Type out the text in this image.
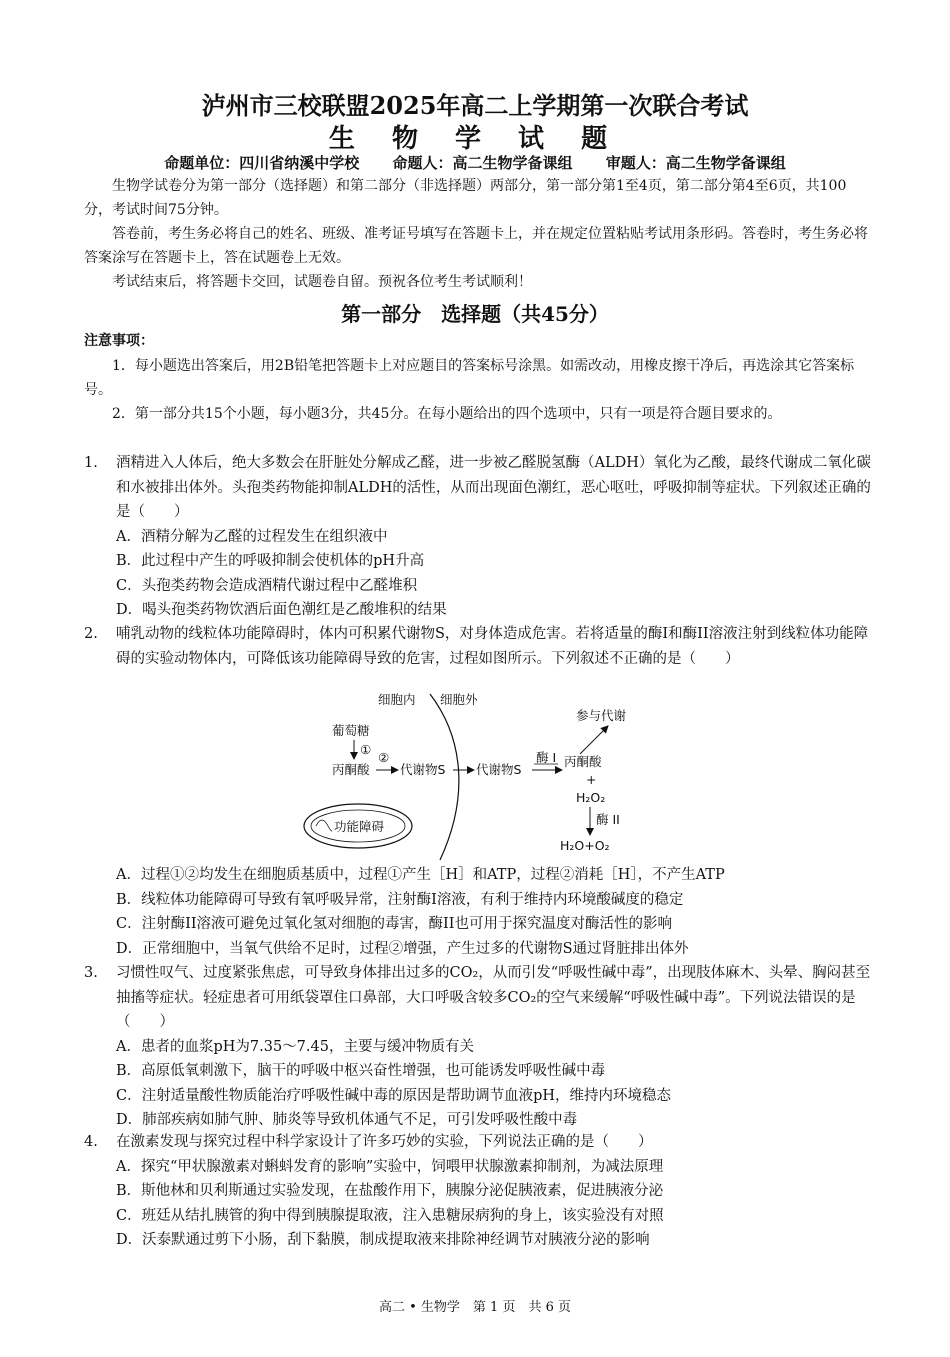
泸州市三校联盟2025年高二上学期第一次联合考试
生 物 学 试 题
命题单位：四川省纳溪中学校 命题人：高二生物学备课组 审题人：高二生物学备课组
生物学试卷分为第一部分（选择题）和第二部分（非选择题）两部分，第一部分第1至4页，第二部分第4至6页，共100分，考试时间75分钟。
答卷前，考生务必将自己的姓名、班级、准考证号填写在答题卡上，并在规定位置粘贴考试用条形码。答卷时，考生务必将答案涂写在答题卡上，答在试题卷上无效。
考试结束后，将答题卡交回，试题卷自留。预祝各位考生考试顺利！
第一部分　选择题（共45分）
注意事项：
1．每小题选出答案后，用2B铅笔把答题卡上对应题目的答案标号涂黑。如需改动，用橡皮擦干净后，再选涂其它答案标号。
2．第一部分共15个小题，每小题3分，共45分。在每小题给出的四个选项中，只有一项是符合题目要求的。
1. 酒精进入人体后，绝大多数会在肝脏处分解成乙醛，进一步被乙醛脱氢酶（ALDH）氧化为乙酸，最终代谢成二氧化碳和水被排出体外。头孢类药物能抑制ALDH的活性，从而出现面色潮红，恶心呕吐，呼吸抑制等症状。下列叙述正确的是（　　）
A．酒精分解为乙醛的过程发生在组织液中
B．此过程中产生的呼吸抑制会使机体的pH升高
C．头孢类药物会造成酒精代谢过程中乙醛堆积
D．喝头孢类药物饮酒后面色潮红是乙酸堆积的结果
2. 哺乳动物的线粒体功能障碍时，体内可积累代谢物S，对身体造成危害。若将适量的酶I和酶II溶液注射到线粒体功能障碍的实验动物体内，可降低该功能障碍导致的危害，过程如图所示。下列叙述不正确的是（　　）
细胞内 细胞外
葡萄糖
①
丙酮酸
②
代谢物S 代谢物S
酶 I 丙酮酸
参与代谢
+
H₂O₂
酶 II
H₂O+O₂
功能障碍
A．过程①②均发生在细胞质基质中，过程①产生［H］和ATP，过程②消耗［H］，不产生ATP
B．线粒体功能障碍可导致有氧呼吸异常，注射酶I溶液，有利于维持内环境酸碱度的稳定
C．注射酶II溶液可避免过氧化氢对细胞的毒害，酶II也可用于探究温度对酶活性的影响
D．正常细胞中，当氧气供给不足时，过程②增强，产生过多的代谢物S通过肾脏排出体外
3. 习惯性叹气、过度紧张焦虑，可导致身体排出过多的CO₂，从而引发“呼吸性碱中毒”，出现肢体麻木、头晕、胸闷甚至抽搐等症状。轻症患者可用纸袋罩住口鼻部，大口呼吸含较多CO₂的空气来缓解“呼吸性碱中毒”。下列说法错误的是（　　）
A．患者的血浆pH为7.35～7.45，主要与缓冲物质有关
B．高原低氧刺激下，脑干的呼吸中枢兴奋性增强，也可能诱发呼吸性碱中毒
C．注射适量酸性物质能治疗呼吸性碱中毒的原因是帮助调节血液pH，维持内环境稳态
D．肺部疾病如肺气肿、肺炎等导致机体通气不足，可引发呼吸性酸中毒
4. 在激素发现与探究过程中科学家设计了许多巧妙的实验，下列说法正确的是（　　）
A．探究“甲状腺激素对蝌蚪发育的影响”实验中，饲喂甲状腺激素抑制剂，为减法原理
B．斯他林和贝利斯通过实验发现，在盐酸作用下，胰腺分泌促胰液素，促进胰液分泌
C．班廷从结扎胰管的狗中得到胰腺提取液，注入患糖尿病狗的身上，该实验没有对照
D．沃泰默通过剪下小肠，刮下黏膜，制成提取液来排除神经调节对胰液分泌的影响
高二 • 生物学　第 1 页　共 6 页
